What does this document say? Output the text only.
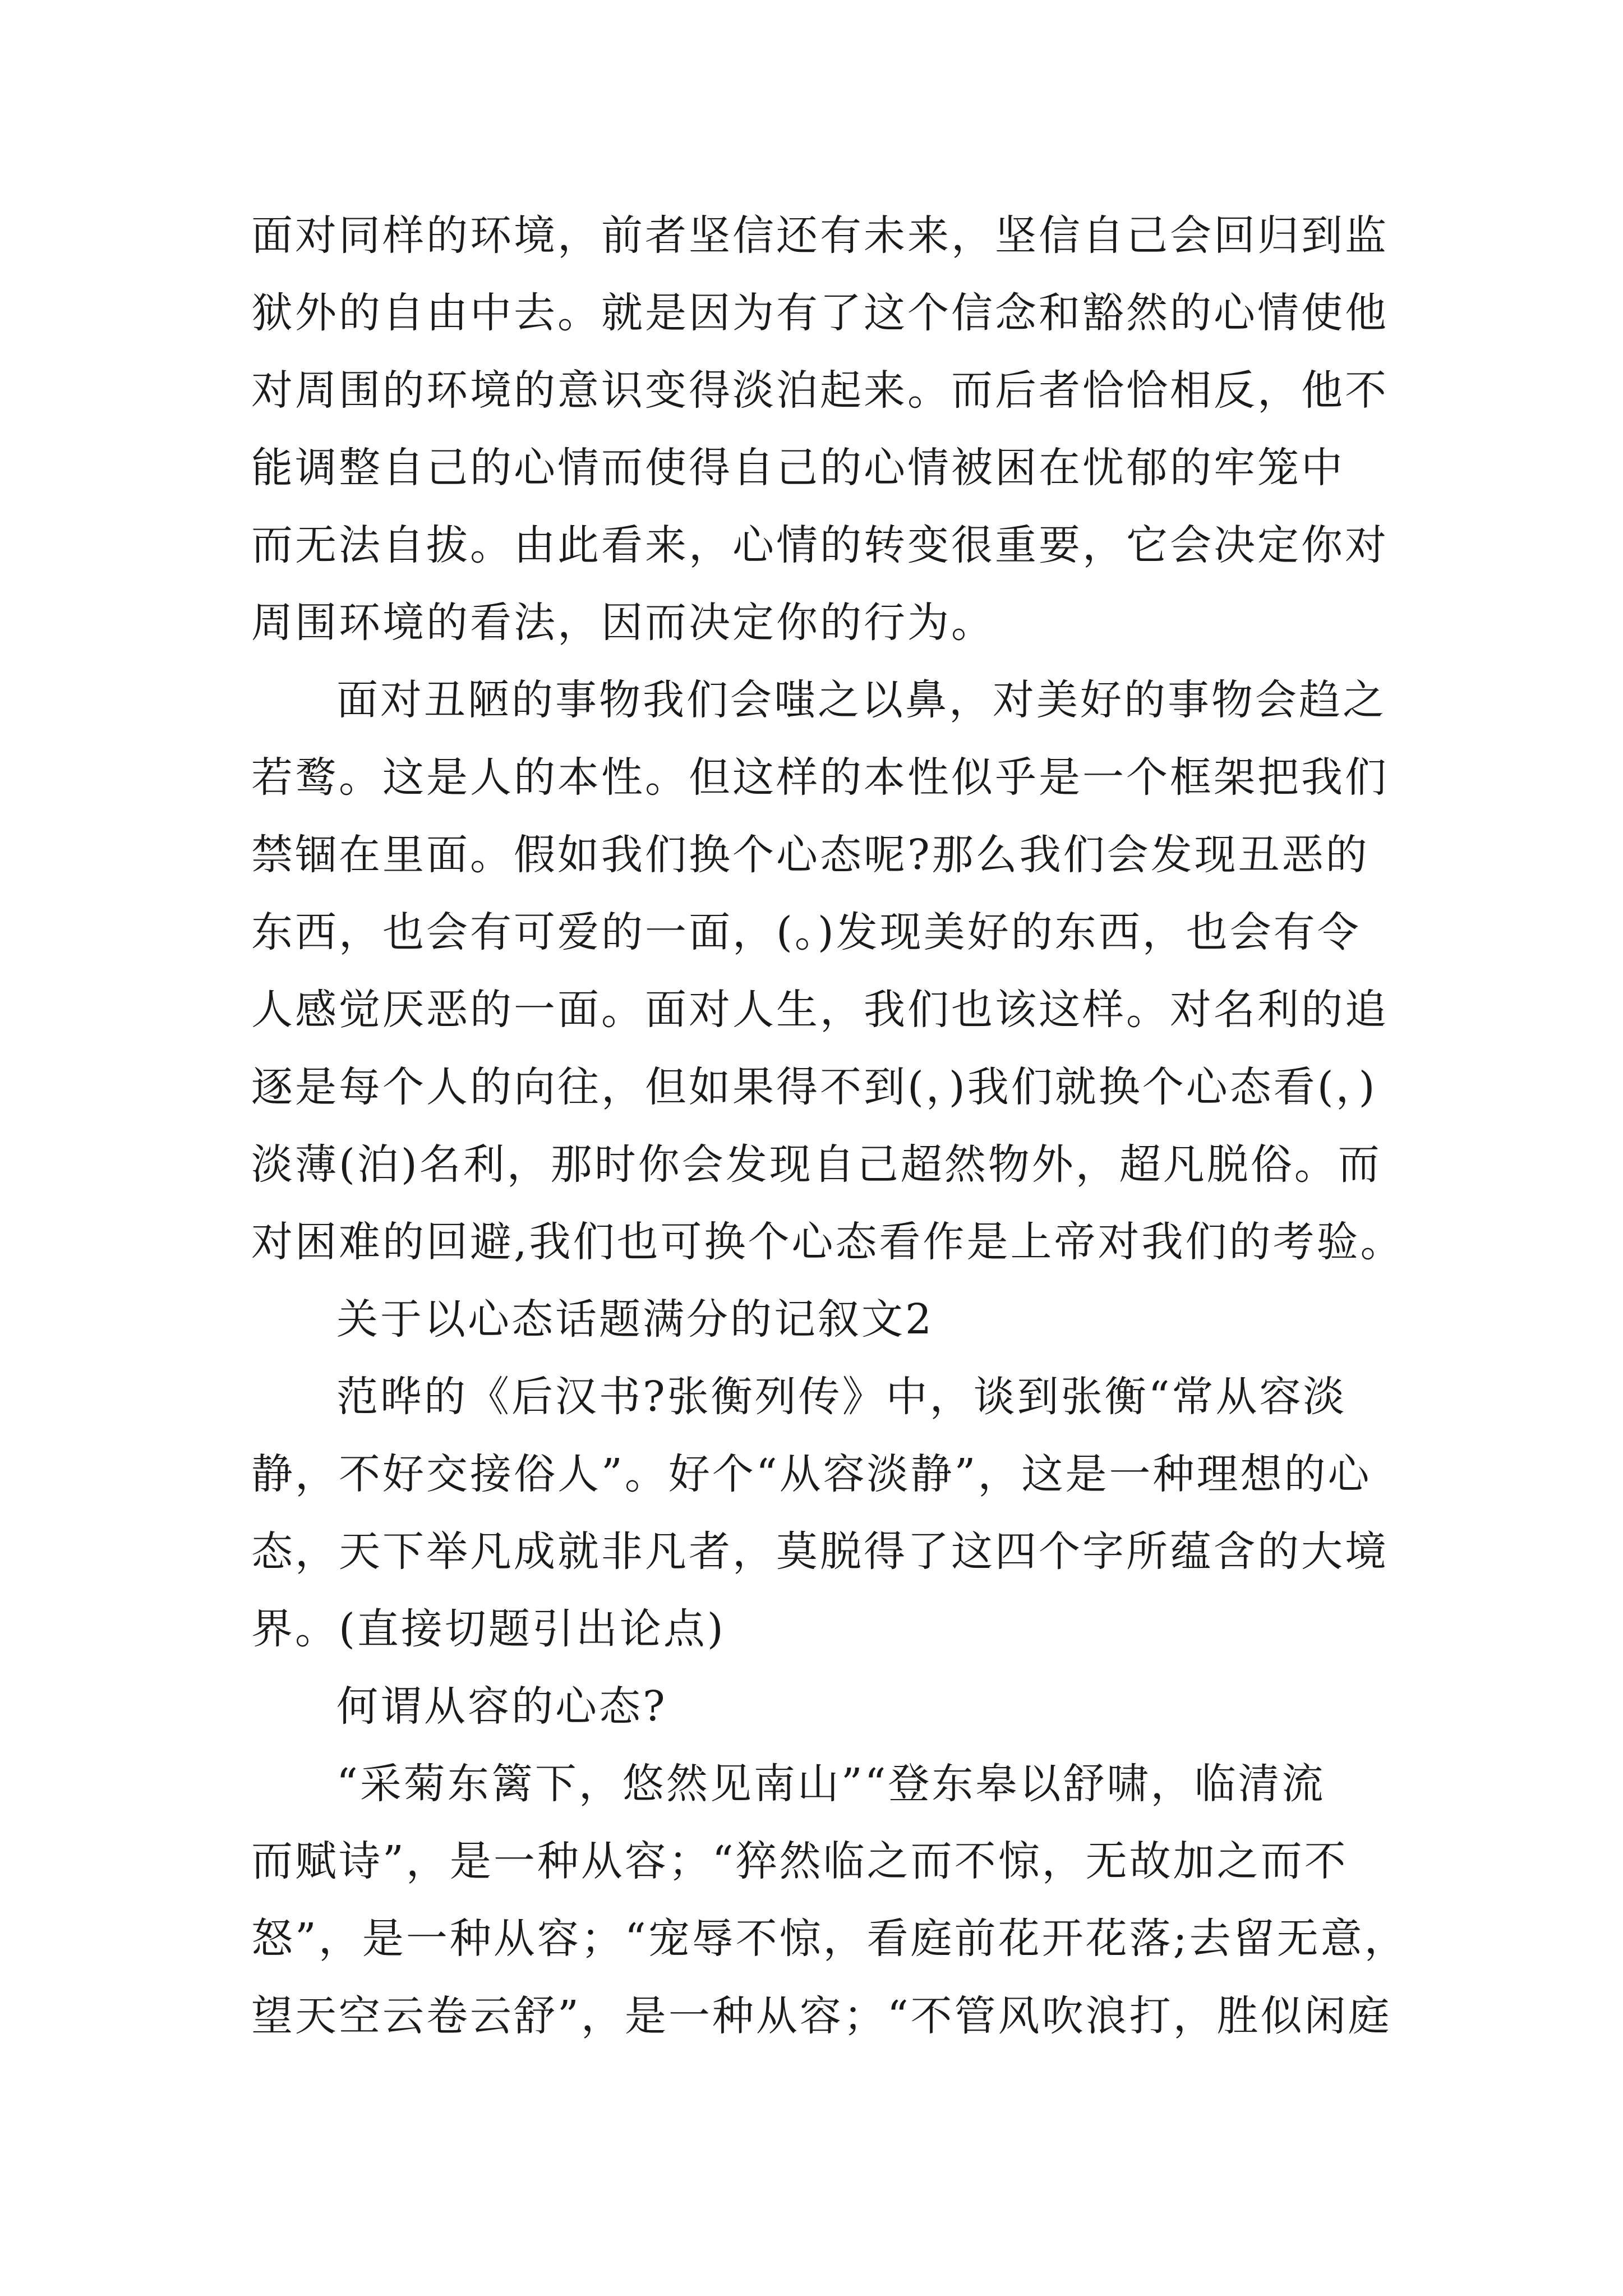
面对同样的环境，前者坚信还有未来，坚信自己会回归到监
狱外的自由中去。就是因为有了这个信念和豁然的心情使他
对周围的环境的意识变得淡泊起来。而后者恰恰相反，他不
能调整自己的心情而使得自己的心情被困在忧郁的牢笼中
而无法自拔。由此看来，心情的转变很重要，它会决定你对
周围环境的看法，因而决定你的行为。
面对丑陋的事物我们会嗤之以鼻，对美好的事物会趋之
若鹜。这是人的本性。但这样的本性似乎是一个框架把我们
禁锢在里面。假如我们换个心态呢?那么我们会发现丑恶的
东西，也会有可爱的一面，(。)发现美好的东西，也会有令
人感觉厌恶的一面。面对人生，我们也该这样。对名利的追
逐是每个人的向往，但如果得不到(，)我们就换个心态看(，)
淡薄(泊)名利，那时你会发现自己超然物外，超凡脱俗。而
对困难的回避,我们也可换个心态看作是上帝对我们的考验。
关于以心态话题满分的记叙文2
范晔的《后汉书?张衡列传》中，谈到张衡“常从容淡
静，不好交接俗人”。好个“从容淡静”，这是一种理想的心
态，天下举凡成就非凡者，莫脱得了这四个字所蕴含的大境
界。(直接切题引出论点)
何谓从容的心态?
“采菊东篱下，悠然见南山”“登东皋以舒啸，临清流
而赋诗”，是一种从容；“猝然临之而不惊，无故加之而不
怒”，是一种从容；“宠辱不惊，看庭前花开花落;去留无意，
望天空云卷云舒”，是一种从容；“不管风吹浪打，胜似闲庭
